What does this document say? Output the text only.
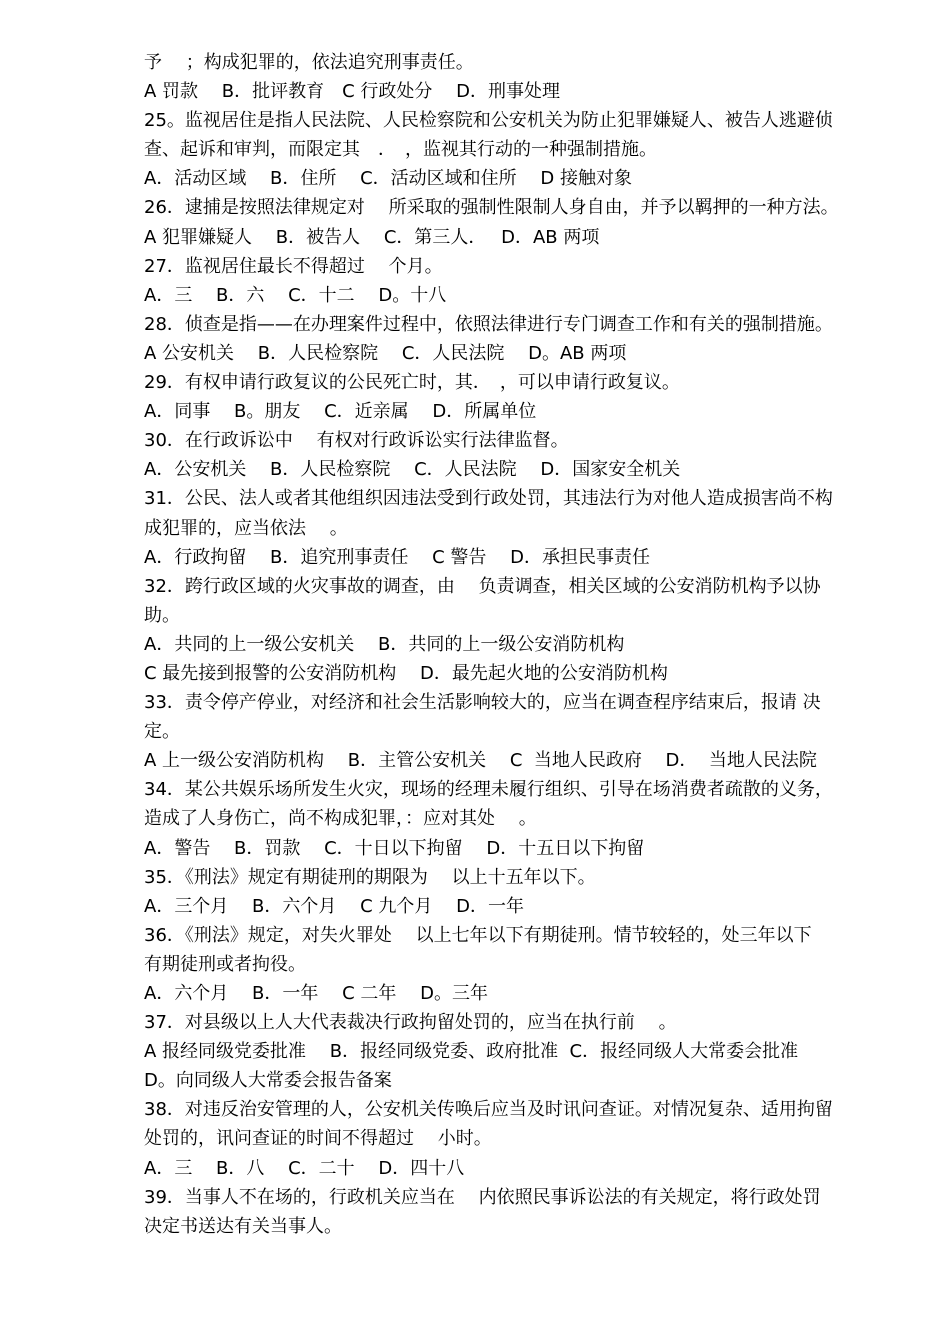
予　 ；构成犯罪的，依法追究刑事责任。
A 罚款　 B．批评教育　C 行政处分　 D．刑事处理
25。监视居住是指人民法院、人民检察院和公安机关为防止犯罪嫌疑人、被告人逃避侦
查、起诉和审判，而限定其　．　，监视其行动的一种强制措施。
A．活动区域　 B．住所　 C．活动区域和住所　 D 接触对象
26．逮捕是按照法律规定对　 所采取的强制性限制人身自由，并予以羁押的一种方法。
A 犯罪嫌疑人　 B．被告人　 C．第三人．　 D．AB 两项
27．监视居住最长不得超过　 个月。
A．三　 B．六　 C．十二　 D。十八
28．侦查是指——在办理案件过程中，依照法律进行专门调查工作和有关的强制措施。
A 公安机关　 B．人民检察院　 C．人民法院　 D。AB 两项
29．有权申请行政复议的公民死亡时，其．　，可以申请行政复议。
A．同事　 B。朋友　 C．近亲属　 D．所属单位
30．在行政诉讼中　 有权对行政诉讼实行法律监督。
A．公安机关　 B．人民检察院　 C．人民法院　 D．国家安全机关
31．公民、法人或者其他组织因违法受到行政处罚，其违法行为对他人造成损害尚不构
成犯罪的，应当依法　 。
A．行政拘留　 B．追究刑事责任　 C 警告　 D．承担民事责任
32．跨行政区域的火灾事故的调查，由　 负责调查，相关区域的公安消防机构予以协
助。
A．共同的上一级公安机关　 B．共同的上一级公安消防机构
C 最先接到报警的公安消防机构　 D．最先起火地的公安消防机构
33．责令停产停业，对经济和社会生活影响较大的，应当在调查程序结束后，报请 决
定。
A 上一级公安消防机构　 B．主管公安机关　 C  当地人民政府　 D．  当地人民法院
34．某公共娱乐场所发生火灾，现场的经理未履行组织、引导在场消费者疏散的义务，
造成了人身伤亡，尚不构成犯罪，：应对其处　 。
A．警告　 B．罚款　 C．十日以下拘留　 D．十五日以下拘留
35．《刑法》规定有期徒刑的期限为　 以上十五年以下。
A．三个月　 B．六个月　 C 九个月　 D．一年
36．《刑法》规定，对失火罪处　 以上七年以下有期徒刑。情节较轻的，处三年以下
有期徒刑或者拘役。
A．六个月　 B．一年　 C 二年　 D。三年
37．对县级以上人大代表裁决行政拘留处罚的，应当在执行前　 。
A 报经同级党委批准　 B．报经同级党委、政府批准  C．报经同级人大常委会批准
D。向同级人大常委会报告备案
38．对违反治安管理的人，公安机关传唤后应当及时讯问查证。对情况复杂、适用拘留
处罚的，讯问查证的时间不得超过　 小时。
A．三　 B．八　 C．二十　 D．四十八
39．当事人不在场的，行政机关应当在　 内依照民事诉讼法的有关规定，将行政处罚
决定书送达有关当事人。
